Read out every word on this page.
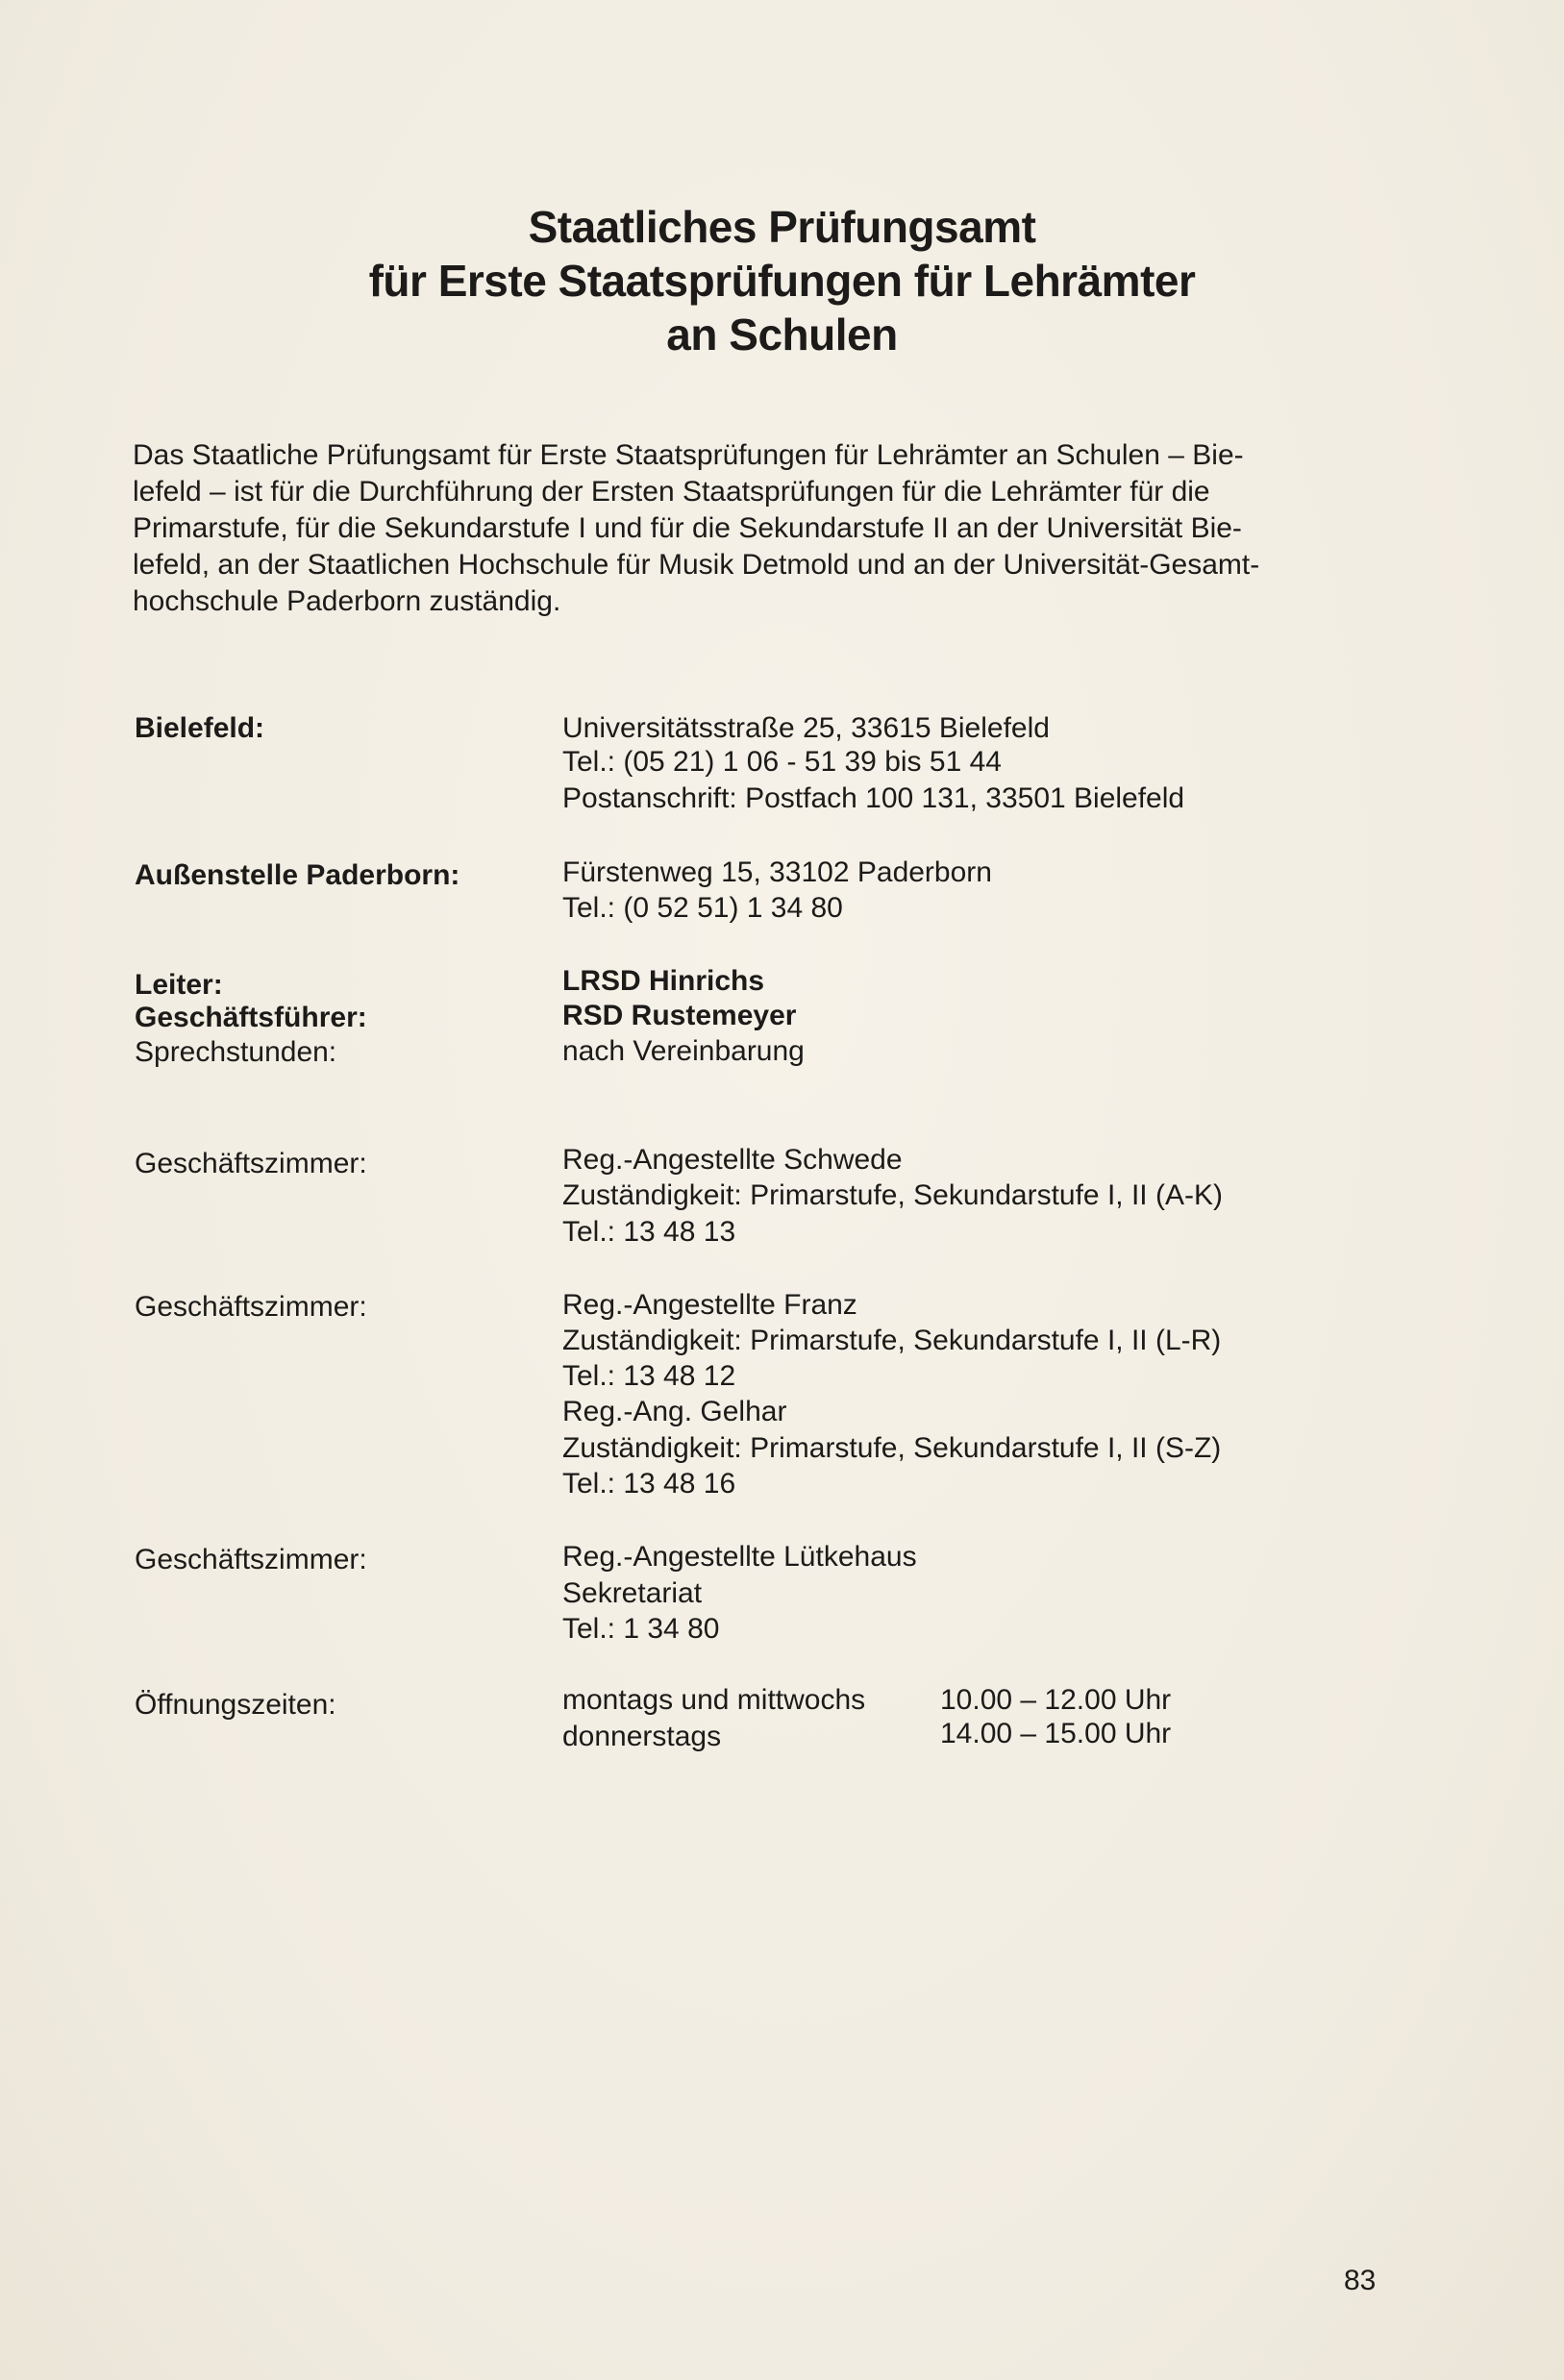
Staatliches Prüfungsamt
für Erste Staatsprüfungen für Lehrämter
an Schulen
Das Staatliche Prüfungsamt für Erste Staatsprüfungen für Lehrämter an Schulen – Bie-
lefeld – ist für die Durchführung der Ersten Staatsprüfungen für die Lehrämter für die
Primarstufe, für die Sekundarstufe I und für die Sekundarstufe II an der Universität Bie-
lefeld, an der Staatlichen Hochschule für Musik Detmold und an der Universität-Gesamt-
hochschule Paderborn zuständig.
Bielefeld:	Universitätsstraße 25, 33615 Bielefeld
Tel.: (05 21) 1 06 - 51 39 bis 51 44
Postanschrift: Postfach 100 131, 33501 Bielefeld
Außenstelle Paderborn:	Fürstenweg 15, 33102 Paderborn
Tel.: (0 52 51) 1 34 80
Leiter:	LRSD Hinrichs
Geschäftsführer:	RSD Rustemeyer
Sprechstunden:	nach Vereinbarung
Geschäftszimmer:	Reg.-Angestellte Schwede
Zuständigkeit: Primarstufe, Sekundarstufe I, II (A-K)
Tel.: 13 48 13
Geschäftszimmer:	Reg.-Angestellte Franz
Zuständigkeit: Primarstufe, Sekundarstufe I, II (L-R)
Tel.: 13 48 12
Reg.-Ang. Gelhar
Zuständigkeit: Primarstufe, Sekundarstufe I, II (S-Z)
Tel.: 13 48 16
Geschäftszimmer:	Reg.-Angestellte Lütkehaus
Sekretariat
Tel.: 1 34 80
Öffnungszeiten:	montags und mittwochs	10.00 – 12.00 Uhr
donnerstags	14.00 – 15.00 Uhr
83
